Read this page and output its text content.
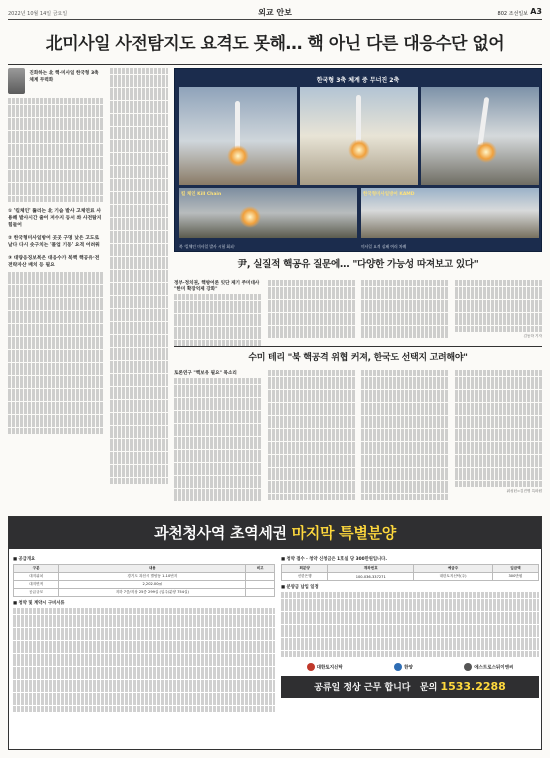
2022년 10월 14일 금요일	외교 안보	802 조선일보 A3
北미사일 사전탐지도 요격도 못해… 핵 아닌 다른 대응수단 없어
진화하는 北 핵·미사일 한국형 3축체계 무력화
① '킬체인' 뚫리는 北 기습 발사 고체연료 사용해 발사시간 줄어 저수지 등서 쏴 사전탐지 힘들어
② 한국형미사일방어 곳곳 구멍 낮은 고도로 날다 다시 솟구치는 '풀업 기동' 요격 어려워
③ 대량응징보복은 대응수가 북핵 핵공유·전전략자산 배치 등 필요
한국형 3축 체계 중 무너진 2축
킬 체인 Kill Chain	한국형미사일방어 KAMD
북 '킬체인 미사일 발사 시험 회피'	미사일 요격 실패 여러 차례
尹, 실질적 핵공유 질문에… "다양한 가능성 따져보고 있다"
정부·정치권, 핵방어론 잇단 제기 주미대사 "한미 확장억제 강화"
김동하 기자
수미 테리 "북 핵공격 위협 커져, 한국도 선택지 고려해야"
토론연구 "핵보유 필요" 목소리
워싱턴=김진명 특파원
과천청사역 초역세권 마지막 특별분양
■ 공급개요
구분	내용	비고
대지위치	경기도 과천시 별양동 1-10번지	
대지면적	2,202.00㎡	
공급규모	지하 7층/지상 25층 299실 (입주/분양 754실)	
■ 청약 및 계약시 구비서류
■ 청약 접수 · 청약 신청금은 1호실 당 300만원입니다.
회분양	계좌번호	예금주	입금액
신한은행	100-036-337271	대한토지신탁(주)	300만원
■ 분양금 납입 일정
대한토지신탁	한양	에스트로스뒤이앤씨
공류일 정상 근무 합니다 문의 1533.2288
